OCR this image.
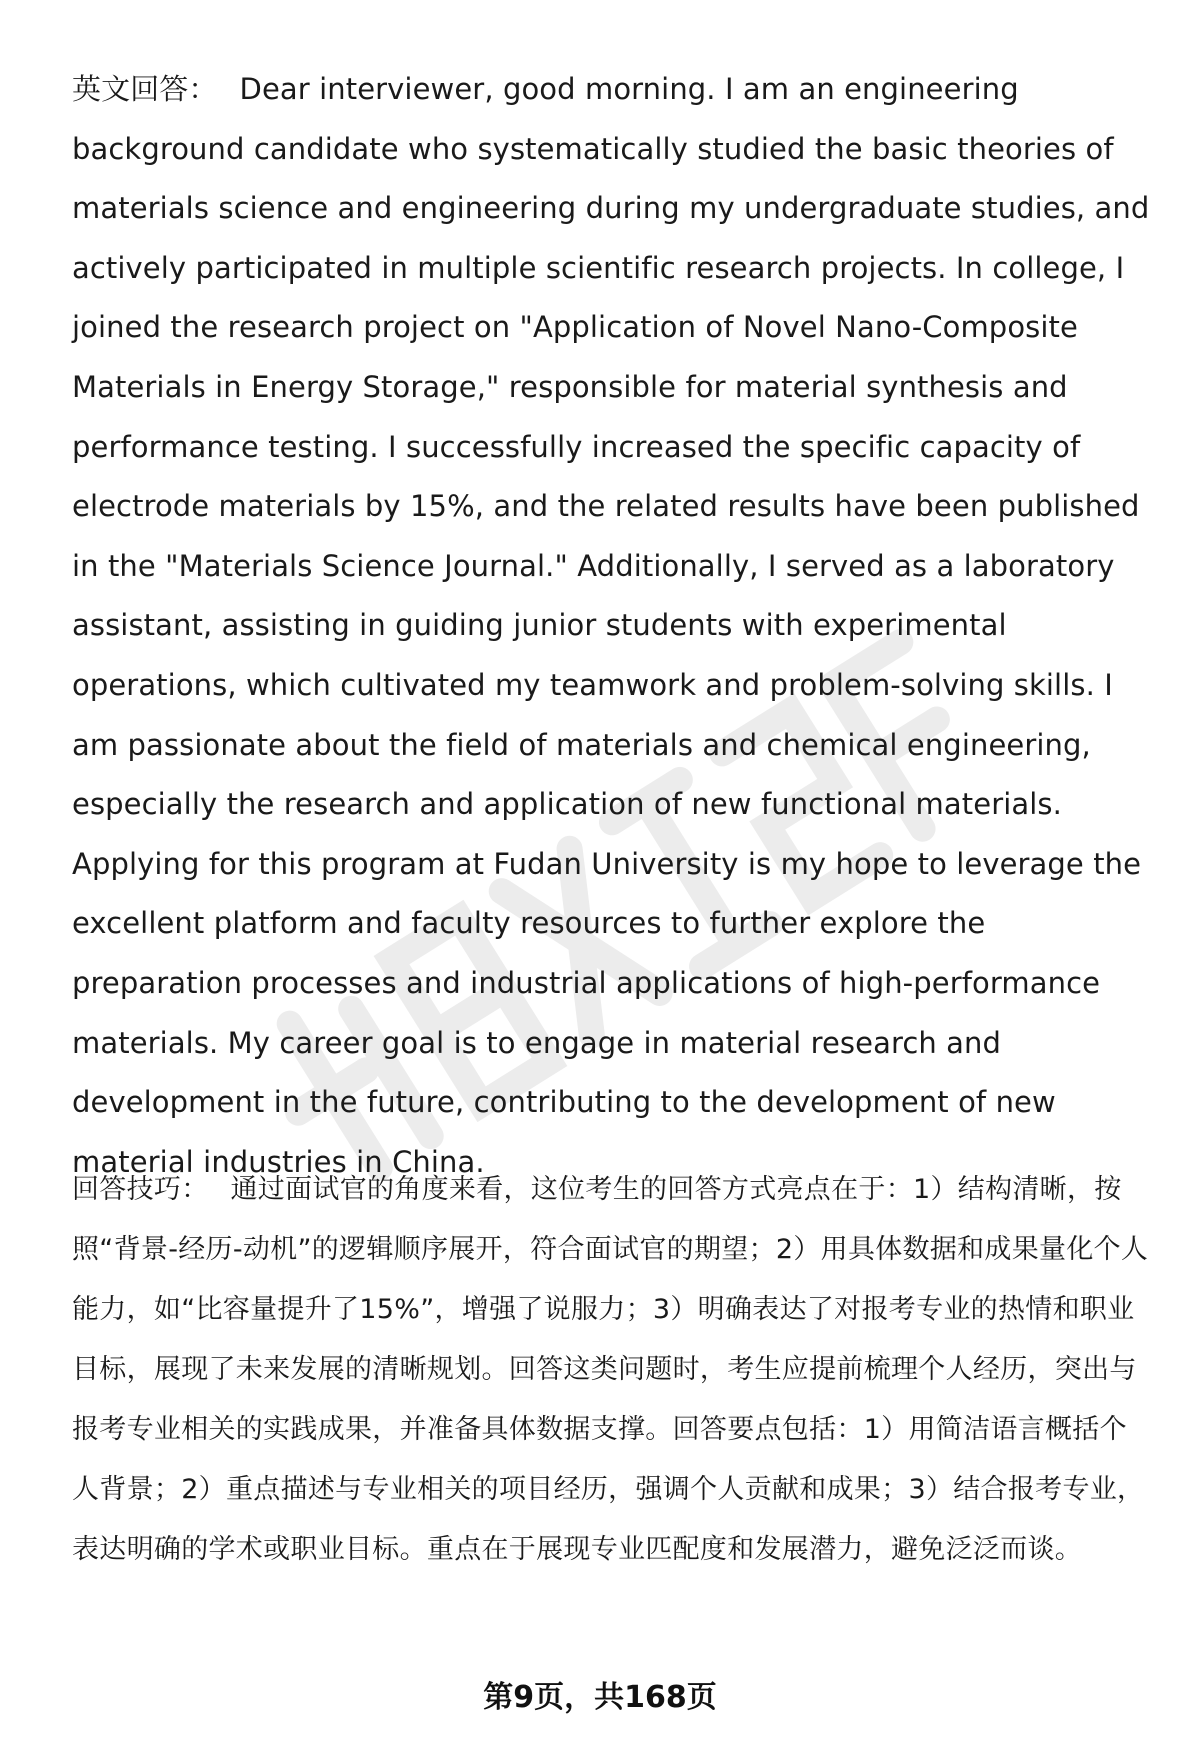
英文回答： Dear interviewer, good morning. I am an engineering background candidate who systematically studied the basic theories of materials science and engineering during my undergraduate studies, and actively participated in multiple scientific research projects. In college, I joined the research project on "Application of Novel Nano-Composite Materials in Energy Storage," responsible for material synthesis and performance testing. I successfully increased the specific capacity of electrode materials by 15%, and the related results have been published in the "Materials Science Journal." Additionally, I served as a laboratory assistant, assisting in guiding junior students with experimental operations, which cultivated my teamwork and problem-solving skills. I am passionate about the field of materials and chemical engineering, especially the research and application of new functional materials. Applying for this program at Fudan University is my hope to leverage the excellent platform and faculty resources to further explore the preparation processes and industrial applications of high-performance materials. My career goal is to engage in material research and development in the future, contributing to the development of new material industries in China.

回答技巧： 通过面试官的角度来看，这位考生的回答方式亮点在于：1）结构清晰，按照“背景-经历-动机”的逻辑顺序展开，符合面试官的期望；2）用具体数据和成果量化个人能力，如“比容量提升了15%”，增强了说服力；3）明确表达了对报考专业的热情和职业目标，展现了未来发展的清晰规划。回答这类问题时，考生应提前梳理个人经历，突出与报考专业相关的实践成果，并准备具体数据支撑。回答要点包括：1）用简洁语言概括个人背景；2）重点描述与专业相关的项目经历，强调个人贡献和成果；3）结合报考专业，表达明确的学术或职业目标。重点在于展现专业匹配度和发展潜力，避免泛泛而谈。

第9页，共168页
